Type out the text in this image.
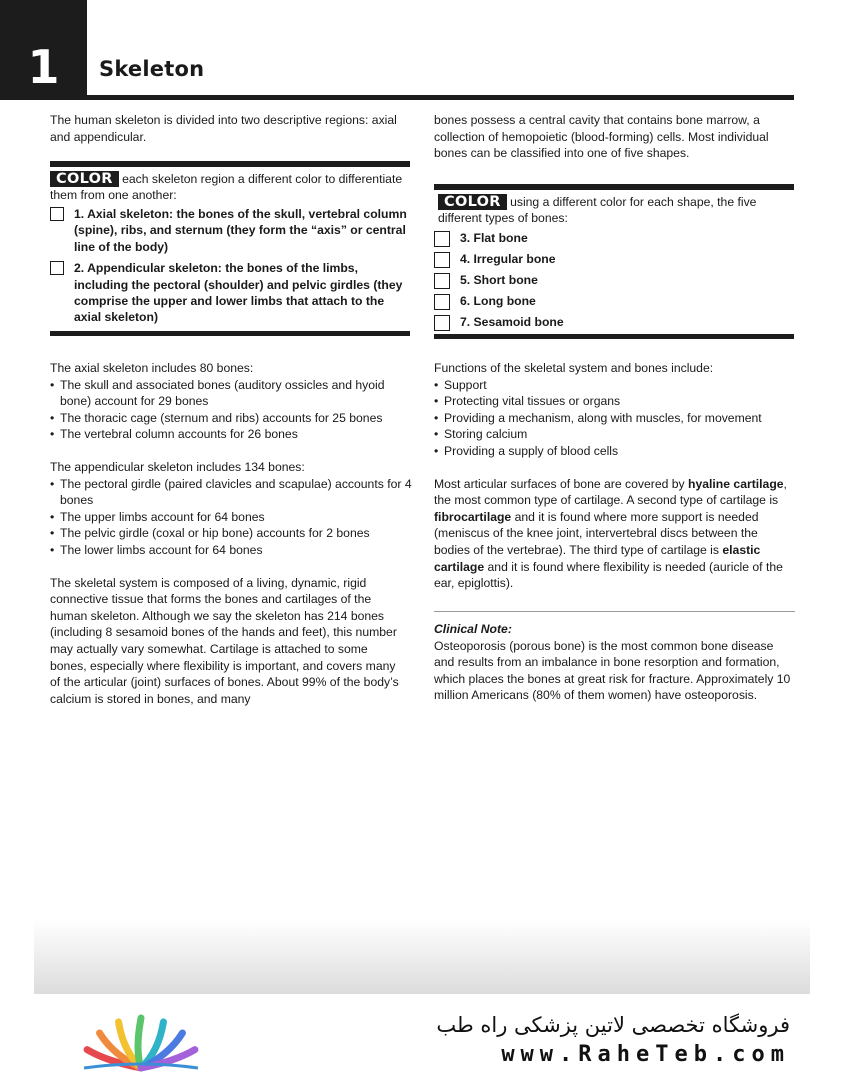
1	Skeleton

The human skeleton is divided into two descriptive regions: axial and appendicular.

COLOR each skeleton region a different color to differentiate them from one another:
1. Axial skeleton: the bones of the skull, vertebral column (spine), ribs, and sternum (they form the “axis” or central line of the body)
2. Appendicular skeleton: the bones of the limbs, including the pectoral (shoulder) and pelvic girdles (they comprise the upper and lower limbs that attach to the axial skeleton)

The axial skeleton includes 80 bones:

• The skull and associated bones (auditory ossicles and hyoid bone) account for 29 bones
• The thoracic cage (sternum and ribs) accounts for 25 bones
• The vertebral column accounts for 26 bones

The appendicular skeleton includes 134 bones:

• The pectoral girdle (paired clavicles and scapulae) accounts for 4 bones
• The upper limbs account for 64 bones
• The pelvic girdle (coxal or hip bone) accounts for 2 bones
• The lower limbs account for 64 bones

The skeletal system is composed of a living, dynamic, rigid connective tissue that forms the bones and cartilages of the human skeleton. Although we say the skeleton has 214 bones (including 8 sesamoid bones of the hands and feet), this number may actually vary somewhat. Cartilage is attached to some bones, especially where flexibility is important, and covers many of the articular (joint) surfaces of bones. About 99% of the body’s calcium is stored in bones, and many

bones possess a central cavity that contains bone marrow, a collection of hemopoietic (blood-forming) cells. Most individual bones can be classified into one of five shapes.

COLOR using a different color for each shape, the five different types of bones:
3. Flat bone
4. Irregular bone
5. Short bone
6. Long bone
7. Sesamoid bone

Functions of the skeletal system and bones include:

• Support
• Protecting vital tissues or organs
• Providing a mechanism, along with muscles, for movement
• Storing calcium
• Providing a supply of blood cells

Most articular surfaces of bone are covered by hyaline cartilage, the most common type of cartilage. A second type of cartilage is fibrocartilage and it is found where more support is needed (meniscus of the knee joint, intervertebral discs between the bodies of the vertebrae). The third type of cartilage is elastic cartilage and it is found where flexibility is needed (auricle of the ear, epiglottis).

Clinical Note:

Osteoporosis (porous bone) is the most common bone disease and results from an imbalance in bone resorption and formation, which places the bones at great risk for fracture. Approximately 10 million Americans (80% of them women) have osteoporosis.

فروشگاه تخصصی لاتین پزشکی راه طب
www.RaheTeb.com
